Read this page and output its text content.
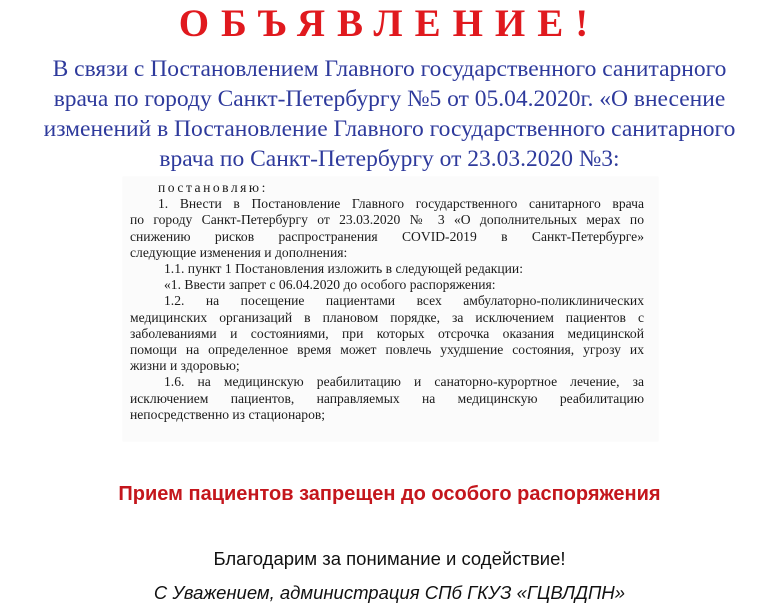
ОБЪЯВЛЕНИЕ!
В связи с Постановлением Главного государственного санитарного
врача по городу Санкт-Петербургу №5 от 05.04.2020г. «О внесение
изменений в Постановление Главного государственного санитарного
врача по Санкт-Петербургу от 23.03.2020 №3:

постановляю:

1. Внести в Постановление Главного государственного санитарного врача

по городу Санкт-Петербургу от 23.03.2020 № 3 «О дополнительных мерах по

снижению рисков распространения COVID-2019 в Санкт-Петербурге»

следующие изменения и дополнения:

1.1. пункт 1 Постановления изложить в следующей редакции:

«1. Ввести запрет с 06.04.2020 до особого распоряжения:

1.2. на посещение пациентами всех амбулаторно-поликлинических

медицинских организаций в плановом порядке, за исключением пациентов с

заболеваниями и состояниями, при которых отсрочка оказания медицинской

помощи на определенное время может повлечь ухудшение состояния, угрозу их

жизни и здоровью;

1.6. на медицинскую реабилитацию и санаторно-курортное лечение, за

исключением пациентов, направляемых на медицинскую реабилитацию

непосредственно из стационаров;

Прием пациентов запрещен до особого распоряжения
Благодарим за понимание и содействие!
С Уважением, администрация СПб ГКУЗ «ГЦВЛДПН»
